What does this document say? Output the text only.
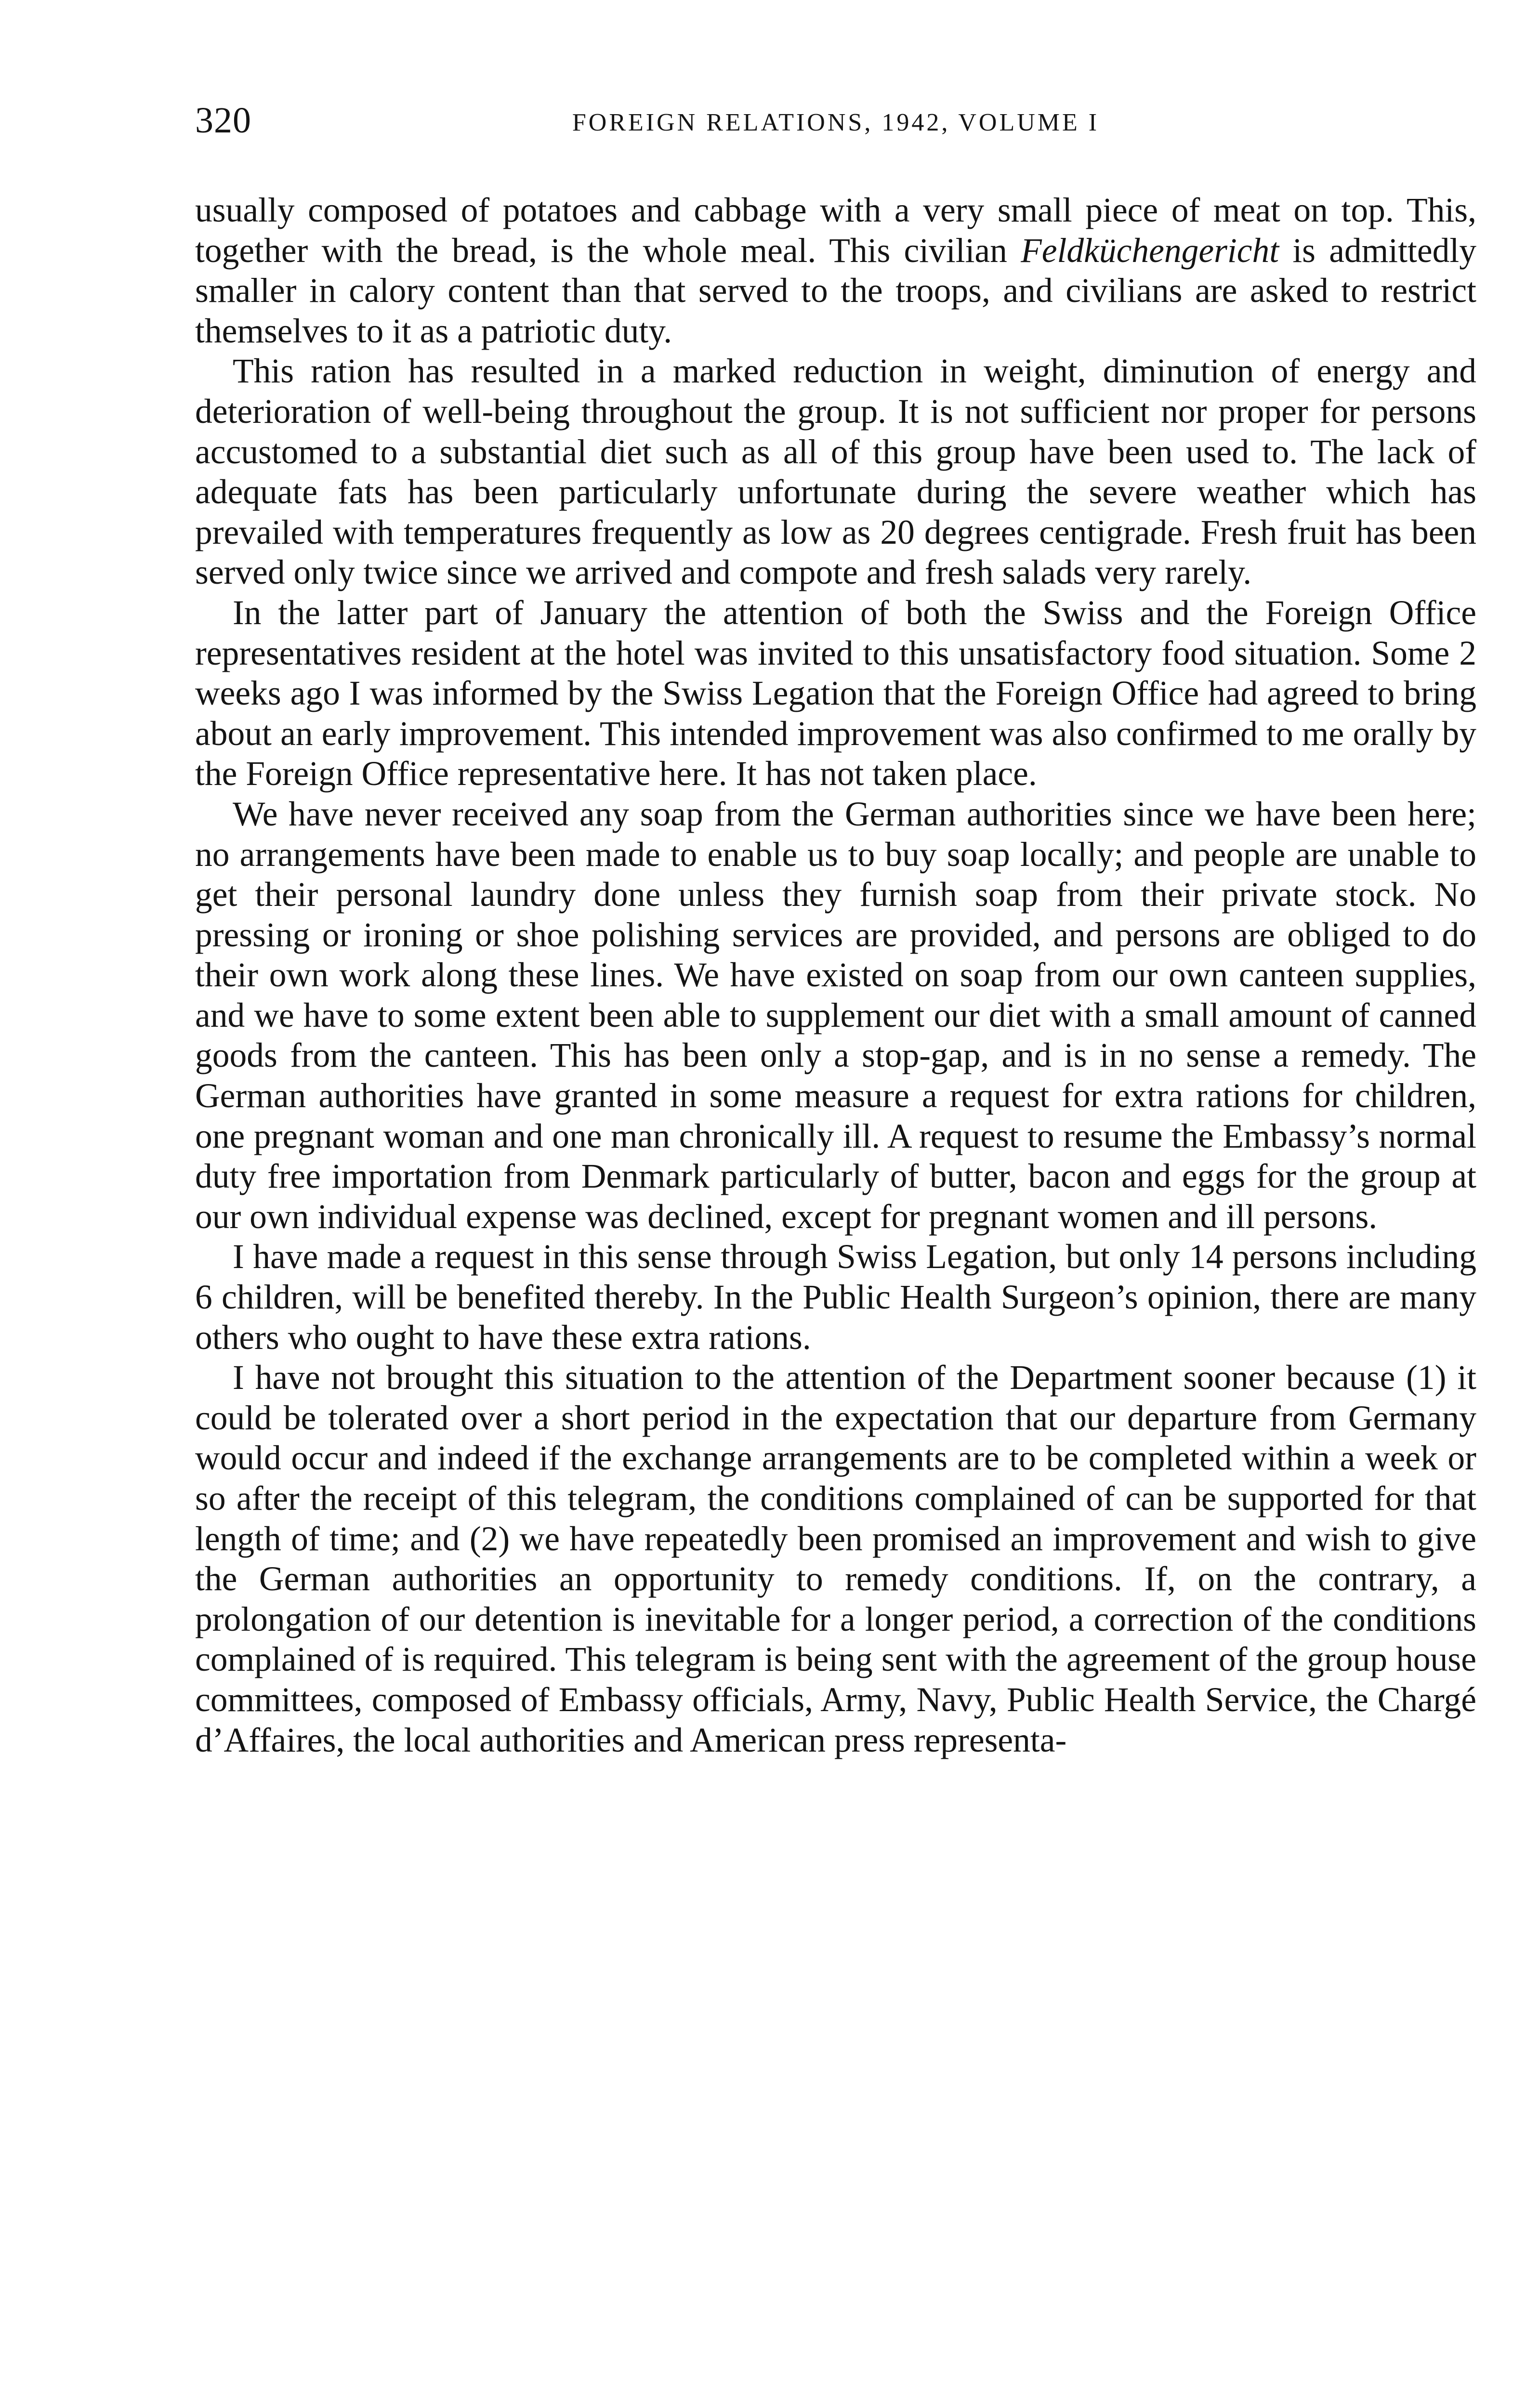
320	FOREIGN RELATIONS, 1942, VOLUME I

usually composed of potatoes and cabbage with a very small piece of meat on top. This, together with the bread, is the whole meal. This civilian Feldküchengericht is admittedly smaller in calory content than that served to the troops, and civilians are asked to restrict themselves to it as a patriotic duty.

This ration has resulted in a marked reduction in weight, diminution of energy and deterioration of well-being throughout the group. It is not sufficient nor proper for persons accustomed to a substantial diet such as all of this group have been used to. The lack of adequate fats has been particularly unfortunate during the severe weather which has prevailed with temperatures frequently as low as 20 degrees centigrade. Fresh fruit has been served only twice since we arrived and compote and fresh salads very rarely.

In the latter part of January the attention of both the Swiss and the Foreign Office representatives resident at the hotel was invited to this unsatisfactory food situation. Some 2 weeks ago I was informed by the Swiss Legation that the Foreign Office had agreed to bring about an early improvement. This intended improvement was also confirmed to me orally by the Foreign Office representative here. It has not taken place.

We have never received any soap from the German authorities since we have been here; no arrangements have been made to enable us to buy soap locally; and people are unable to get their personal laundry done unless they furnish soap from their private stock. No pressing or ironing or shoe polishing services are provided, and persons are obliged to do their own work along these lines. We have existed on soap from our own canteen supplies, and we have to some extent been able to supplement our diet with a small amount of canned goods from the canteen. This has been only a stop-gap, and is in no sense a remedy. The German authorities have granted in some measure a request for extra rations for children, one pregnant woman and one man chronically ill. A request to resume the Embassy’s normal duty free importation from Denmark particularly of butter, bacon and eggs for the group at our own individual expense was declined, except for pregnant women and ill persons.

I have made a request in this sense through Swiss Legation, but only 14 persons including 6 children, will be benefited thereby. In the Public Health Surgeon’s opinion, there are many others who ought to have these extra rations.

I have not brought this situation to the attention of the Department sooner because (1) it could be tolerated over a short period in the expectation that our departure from Germany would occur and indeed if the exchange arrangements are to be completed within a week or so after the receipt of this telegram, the conditions complained of can be supported for that length of time; and (2) we have repeatedly been promised an improvement and wish to give the German authorities an opportunity to remedy conditions. If, on the contrary, a prolongation of our detention is inevitable for a longer period, a correction of the conditions complained of is required. This telegram is being sent with the agreement of the group house committees, composed of Embassy officials, Army, Navy, Public Health Service, the Chargé d’Affaires, the local authorities and American press representa-
